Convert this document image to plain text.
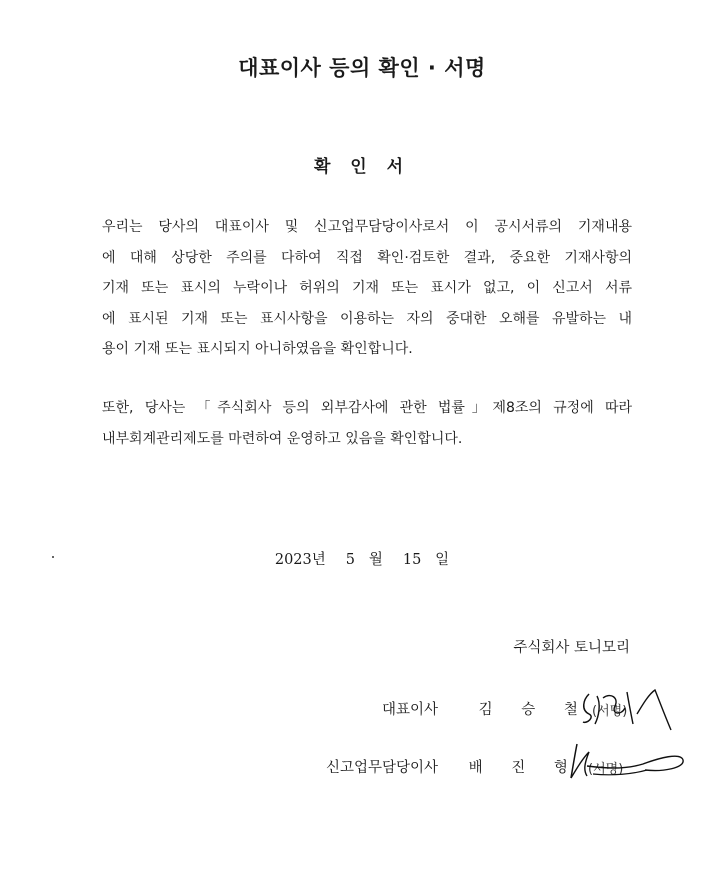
대표이사 등의 확인 · 서명
확 인 서

우리는 당사의 대표이사 및 신고업무담당이사로서 이 공시서류의 기재내용
에 대해 상당한 주의를 다하여 직접 확인·검토한 결과, 중요한 기재사항의
기재 또는 표시의 누락이나 허위의 기재 또는 표시가 없고, 이 신고서 서류
에 표시된 기재 또는 표시사항을 이용하는 자의 중대한 오해를 유발하는 내
용이 기재 또는 표시되지 아니하였음을 확인합니다.

또한, 당사는 「주식회사 등의 외부감사에 관한 법률」제8조의 규정에 따라
내부회계관리제도를 마련하여 운영하고 있음을 확인합니다.

2023년 5 월 15 일
주식회사 토니모리
대표이사	김 승 철 (서명)
신고업무담당이사 배 진 형 (서명)
